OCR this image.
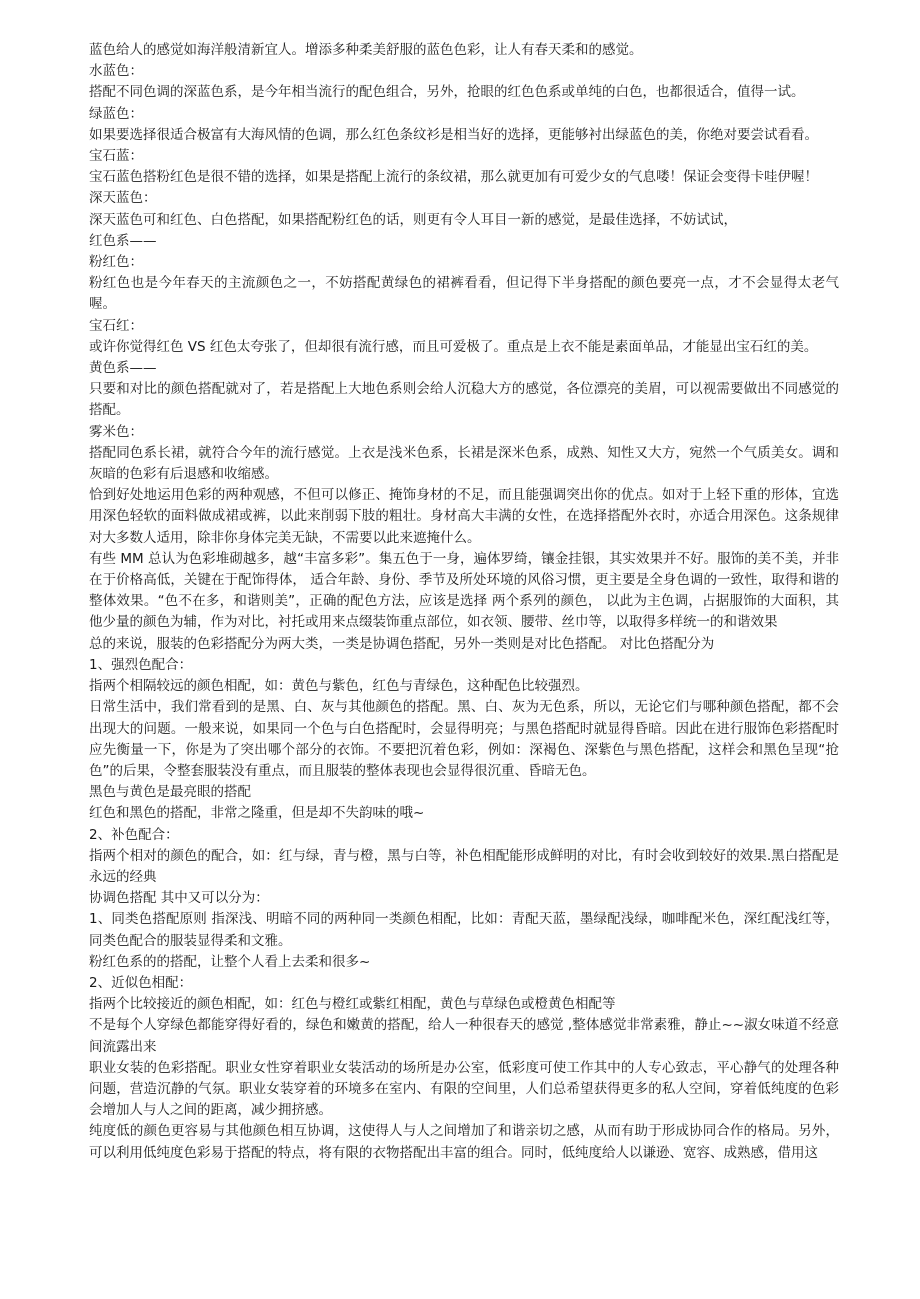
蓝色给人的感觉如海洋般清新宜人。增添多种柔美舒服的蓝色色彩，让人有春天柔和的感觉。

水蓝色：

搭配不同色调的深蓝色系，是今年相当流行的配色组合，另外，抢眼的红色色系或单纯的白色，也都很适合，值得一试。

绿蓝色：

如果要选择很适合极富有大海风情的色调，那么红色条纹衫是相当好的选择，更能够衬出绿蓝色的美，你绝对要尝试看看。

宝石蓝：

宝石蓝色搭粉红色是很不错的选择，如果是搭配上流行的条纹裙，那么就更加有可爱少女的气息喽！保证会变得卡哇伊喔！

深天蓝色：

深天蓝色可和红色、白色搭配，如果搭配粉红色的话，则更有令人耳目一新的感觉，是最佳选择，不妨试试，

红色系——

粉红色：

粉红色也是今年春天的主流颜色之一，不妨搭配黄绿色的裙裤看看，但记得下半身搭配的颜色要亮一点，才不会显得太老气喔。

宝石红：

或许你觉得红色 VS 红色太夸张了，但却很有流行感，而且可爱极了。重点是上衣不能是素面单品，才能显出宝石红的美。

黄色系——

只要和对比的颜色搭配就对了，若是搭配上大地色系则会给人沉稳大方的感觉，各位漂亮的美眉，可以视需要做出不同感觉的搭配。

雾米色：

搭配同色系长裙，就符合今年的流行感觉。上衣是浅米色系，长裙是深米色系，成熟、知性又大方，宛然一个气质美女。调和灰暗的色彩有后退感和收缩感。

恰到好处地运用色彩的两种观感，不但可以修正、掩饰身材的不足，而且能强调突出你的优点。如对于上轻下重的形体，宜选用深色轻软的面料做成裙或裤，以此来削弱下肢的粗壮。身材高大丰满的女性，在选择搭配外衣时，亦适合用深色。这条规律对大多数人适用，除非你身体完美无缺，不需要以此来遮掩什么。

有些 MM 总认为色彩堆砌越多，越“丰富多彩”。集五色于一身，遍体罗绮，镶金挂银，其实效果并不好。服饰的美不美，并非在于价格高低，关键在于配饰得体， 适合年龄、身份、季节及所处环境的风俗习惯，更主要是全身色调的一致性，取得和谐的整体效果。“色不在多，和谐则美”，正确的配色方法，应该是选择 两个系列的颜色， 以此为主色调，占据服饰的大面积，其他少量的颜色为辅，作为对比，衬托或用来点缀装饰重点部位，如衣领、腰带、丝巾等，以取得多样统一的和谐效果

总的来说，服装的色彩搭配分为两大类，一类是协调色搭配，另外一类则是对比色搭配。 对比色搭配分为

1、强烈色配合：

指两个相隔较远的颜色相配，如：黄色与紫色，红色与青绿色，这种配色比较强烈。

日常生活中，我们常看到的是黑、白、灰与其他颜色的搭配。黑、白、灰为无色系，所以，无论它们与哪种颜色搭配，都不会出现大的问题。一般来说，如果同一个色与白色搭配时，会显得明亮；与黑色搭配时就显得昏暗。因此在进行服饰色彩搭配时应先衡量一下，你是为了突出哪个部分的衣饰。不要把沉着色彩，例如：深褐色、深紫色与黑色搭配，这样会和黑色呈现“抢色”的后果，令整套服装没有重点，而且服装的整体表现也会显得很沉重、昏暗无色。

黑色与黄色是最亮眼的搭配

红色和黑色的搭配，非常之隆重，但是却不失韵味的哦~

2、补色配合：

指两个相对的颜色的配合，如：红与绿，青与橙，黑与白等，补色相配能形成鲜明的对比，有时会收到较好的效果.黑白搭配是永远的经典

协调色搭配 其中又可以分为：

1、同类色搭配原则 指深浅、明暗不同的两种同一类颜色相配，比如：青配天蓝，墨绿配浅绿，咖啡配米色，深红配浅红等，同类色配合的服装显得柔和文雅。

粉红色系的的搭配，让整个人看上去柔和很多~

2、近似色相配：

指两个比较接近的颜色相配，如：红色与橙红或紫红相配，黄色与草绿色或橙黄色相配等

不是每个人穿绿色都能穿得好看的，绿色和嫩黄的搭配，给人一种很春天的感觉 ,整体感觉非常素雅，静止~~淑女味道不经意间流露出来

职业女装的色彩搭配。职业女性穿着职业女装活动的场所是办公室，低彩度可使工作其中的人专心致志，平心静气的处理各种问题，营造沉静的气氛。职业女装穿着的环境多在室内、有限的空间里，人们总希望获得更多的私人空间，穿着低纯度的色彩会增加人与人之间的距离，减少拥挤感。

纯度低的颜色更容易与其他颜色相互协调，这使得人与人之间增加了和谐亲切之感，从而有助于形成协同合作的格局。另外，可以利用低纯度色彩易于搭配的特点，将有限的衣物搭配出丰富的组合。同时，低纯度给人以谦逊、宽容、成熟感，借用这
